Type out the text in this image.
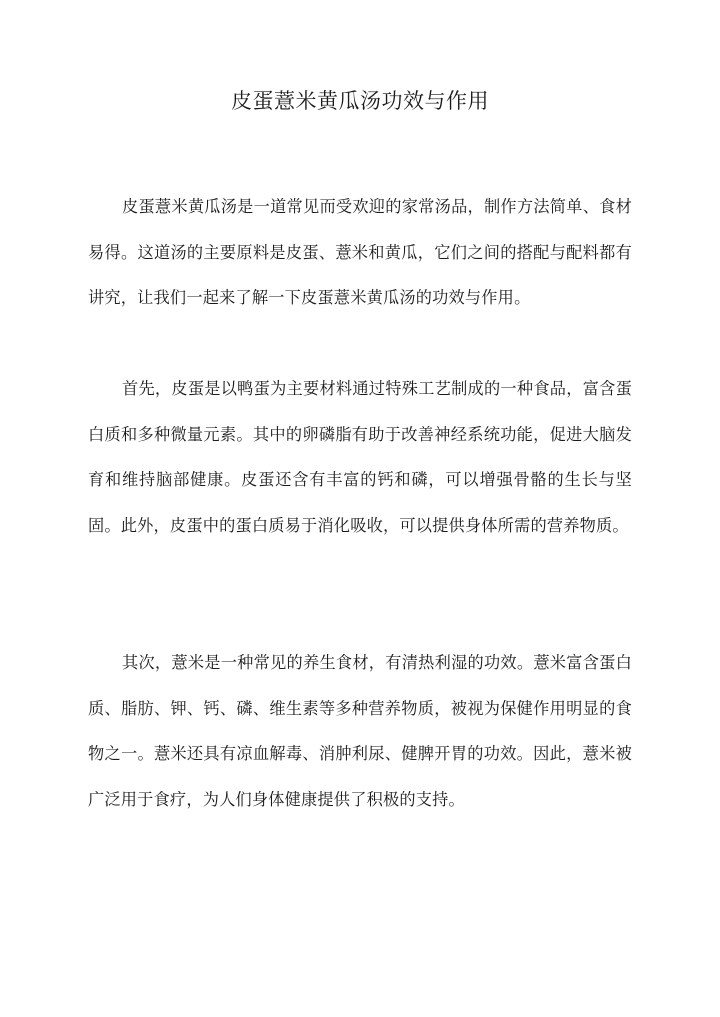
皮蛋薏米黄瓜汤功效与作用

皮蛋薏米黄瓜汤是一道常见而受欢迎的家常汤品，制作方法简单、食材易得。这道汤的主要原料是皮蛋、薏米和黄瓜，它们之间的搭配与配料都有讲究，让我们一起来了解一下皮蛋薏米黄瓜汤的功效与作用。

首先，皮蛋是以鸭蛋为主要材料通过特殊工艺制成的一种食品，富含蛋白质和多种微量元素。其中的卵磷脂有助于改善神经系统功能，促进大脑发育和维持脑部健康。皮蛋还含有丰富的钙和磷，可以增强骨骼的生长与坚固。此外，皮蛋中的蛋白质易于消化吸收，可以提供身体所需的营养物质。

其次，薏米是一种常见的养生食材，有清热利湿的功效。薏米富含蛋白质、脂肪、钾、钙、磷、维生素等多种营养物质，被视为保健作用明显的食物之一。薏米还具有凉血解毒、消肿利尿、健脾开胃的功效。因此，薏米被广泛用于食疗，为人们身体健康提供了积极的支持。
